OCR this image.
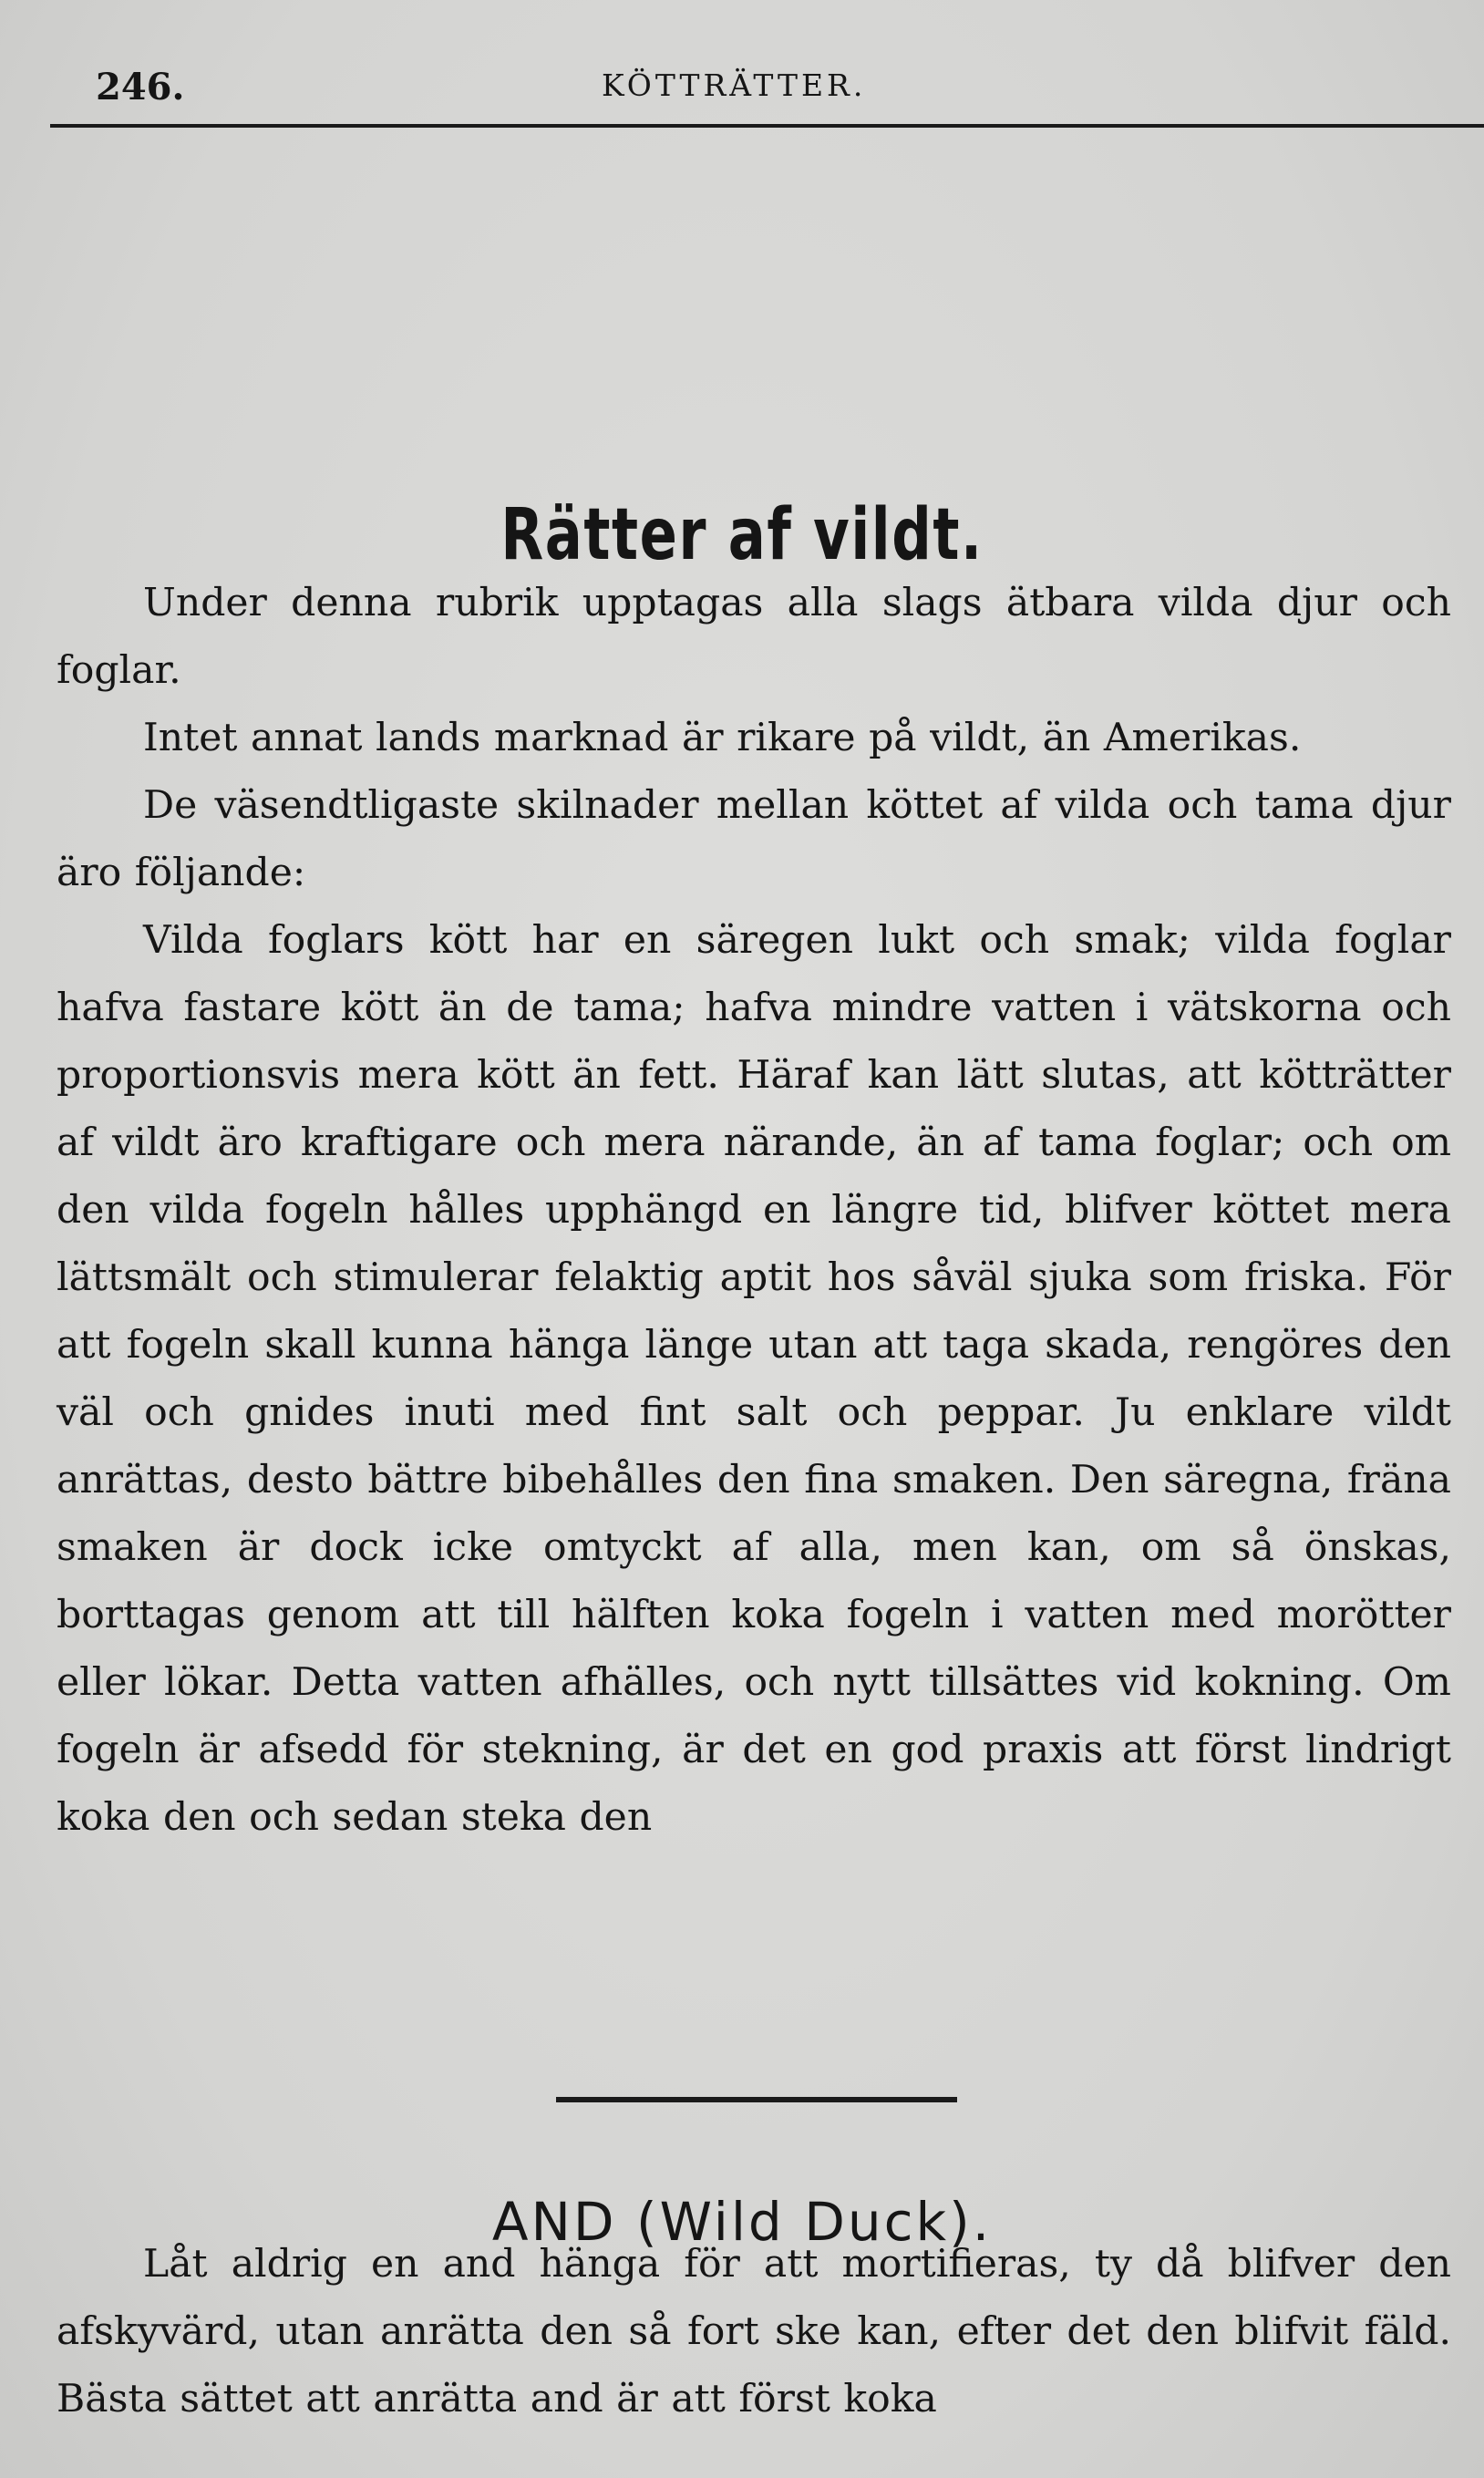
246.	KÖTTRÄTTER.
Rätter af vildt.

Under denna rubrik upptagas alla slags ätbara vilda djur och foglar.

Intet annat lands marknad är rikare på vildt, än Amerikas.

De väsendtligaste skilnader mellan köttet af vilda och tama djur äro följande:

Vilda foglars kött har en säregen lukt och smak; vilda foglar hafva fastare kött än de tama; hafva mindre vatten i vätskorna och proportionsvis mera kött än fett. Häraf kan lätt slutas, att kötträtter af vildt äro kraftigare och mera närande, än af tama foglar; och om den vilda fogeln hålles upphängd en längre tid, blifver köttet mera lättsmält och stimulerar felaktig aptit hos såväl sjuka som friska. För att fogeln skall kunna hänga länge utan att taga skada, rengöres den väl och gnides inuti med fint salt och peppar. Ju enklare vildt anrättas, desto bättre bibehålles den fina smaken. Den säregna, fräna smaken är dock icke omtyckt af alla, men kan, om så önskas, borttagas genom att till hälften koka fogeln i vatten med morötter eller lökar. Detta vatten afhälles, och nytt tillsättes vid kokning. Om fogeln är afsedd för stekning, är det en god praxis att först lindrigt koka den och sedan steka den

AND (Wild Duck).

Låt aldrig en and hänga för att mortifieras, ty då blifver den afskyvärd, utan anrätta den så fort ske kan, efter det den blifvit fäld. Bästa sättet att anrätta and är att först koka
